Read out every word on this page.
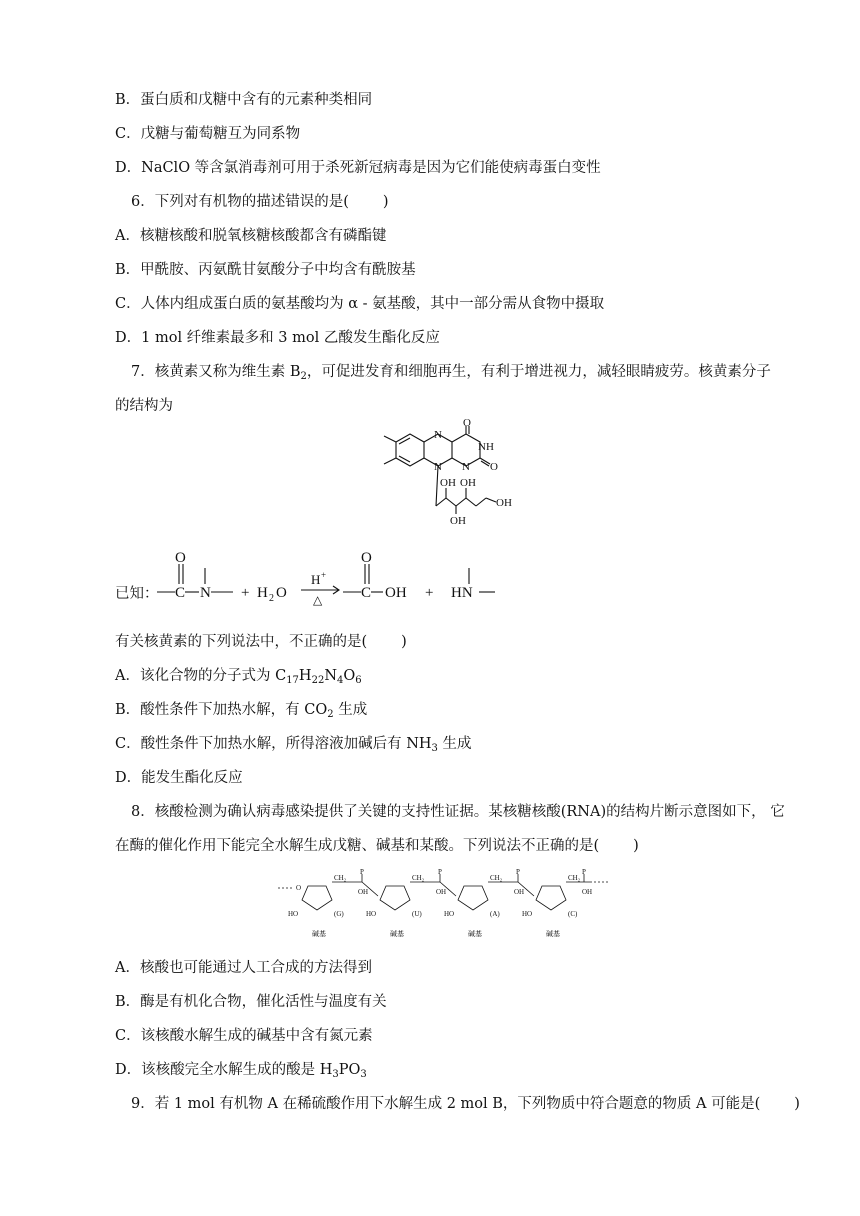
B．蛋白质和戊糖中含有的元素种类相同
C．戊糖与葡萄糖互为同系物
D．NaClO 等含氯消毒剂可用于杀死新冠病毒是因为它们能使病毒蛋白变性
6．下列对有机物的描述错误的是( )
A．核糖核酸和脱氧核糖核酸都含有磷酯键
B．甲酰胺、丙氨酰甘氨酸分子中均含有酰胺基
C．人体内组成蛋白质的氨基酸均为 α - 氨基酸，其中一部分需从食物中摄取
D．1 mol 纤维素最多和 3 mol 乙酸发生酯化反应
7．核黄素又称为维生素 $B_2$，可促进发育和细胞再生，有利于增进视力，减轻眼睛疲劳。核黄素分子
的结构为
N
N N
O
O
NH
OH OH
OH
OH
已知：
O
C N + H 2 O
H +
△
O
C OH + HN
有关核黄素的下列说法中，不正确的是( )
A．该化合物的分子式为 $C_{17}H_{22}N_4O_6$
B．酸性条件下加热水解，有 $CO_2$ 生成
C．酸性条件下加热水解，所得溶液加碱后有 $NH_3$ 生成
D．能发生酯化反应
8．核酸检测为确认病毒感染提供了关键的支持性证据。某核糖核酸(RNA)的结构片断示意图如下， 它
在酶的催化作用下能完全水解生成戊糖、碱基和某酸。下列说法不正确的是( )
O
CH₂
P
OH
HO	(G)
CH₂
P
OH
HO	(U)
CH₂
P
OH
HO	(A)
CH₂
P
OH
HO	(C)
碱基	碱基	碱基	碱基
A．核酸也可能通过人工合成的方法得到
B．酶是有机化合物，催化活性与温度有关
C．该核酸水解生成的碱基中含有氮元素
D．该核酸完全水解生成的酸是 $H_3PO_3$
9．若 1 mol 有机物 A 在稀硫酸作用下水解生成 2 mol B，下列物质中符合题意的物质 A 可能是( )
